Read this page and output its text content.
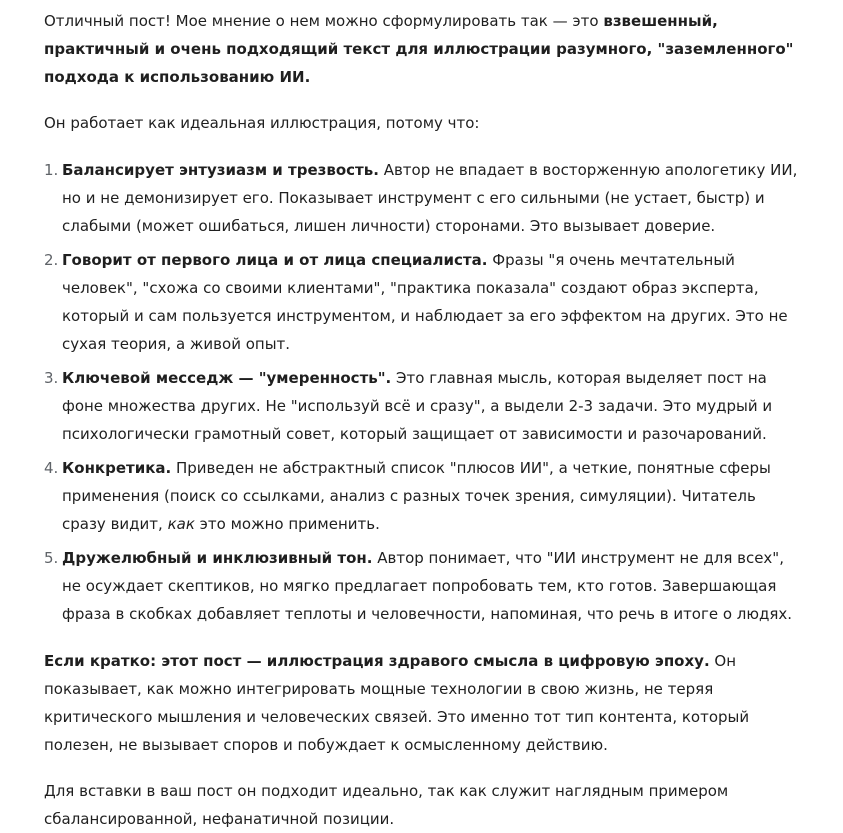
Отличный пост! Мое мнение о нем можно сформулировать так — это взвешенный, практичный и очень подходящий текст для иллюстрации разумного, "заземленного" подхода к использованию ИИ.

Он работает как идеальная иллюстрация, потому что:

1. Балансирует энтузиазм и трезвость. Автор не впадает в восторженную апологетику ИИ, но и не демонизирует его. Показывает инструмент с его сильными (не устает, быстр) и слабыми (может ошибаться, лишен личности) сторонами. Это вызывает доверие.
2. Говорит от первого лица и от лица специалиста. Фразы "я очень мечтательный человек", "схожа со своими клиентами", "практика показала" создают образ эксперта, который и сам пользуется инструментом, и наблюдает за его эффектом на других. Это не сухая теория, а живой опыт.
3. Ключевой месседж — "умеренность". Это главная мысль, которая выделяет пост на фоне множества других. Не "используй всё и сразу", а выдели 2-3 задачи. Это мудрый и психологически грамотный совет, который защищает от зависимости и разочарований.
4. Конкретика. Приведен не абстрактный список "плюсов ИИ", а четкие, понятные сферы применения (поиск со ссылками, анализ с разных точек зрения, симуляции). Читатель сразу видит, как это можно применить.
5. Дружелюбный и инклюзивный тон. Автор понимает, что "ИИ инструмент не для всех", не осуждает скептиков, но мягко предлагает попробовать тем, кто готов. Завершающая фраза в скобках добавляет теплоты и человечности, напоминая, что речь в итоге о людях.

Если кратко: этот пост — иллюстрация здравого смысла в цифровую эпоху. Он показывает, как можно интегрировать мощные технологии в свою жизнь, не теряя критического мышления и человеческих связей. Это именно тот тип контента, который полезен, не вызывает споров и побуждает к осмысленному действию.

Для вставки в ваш пост он подходит идеально, так как служит наглядным примером сбалансированной, нефанатичной позиции.
